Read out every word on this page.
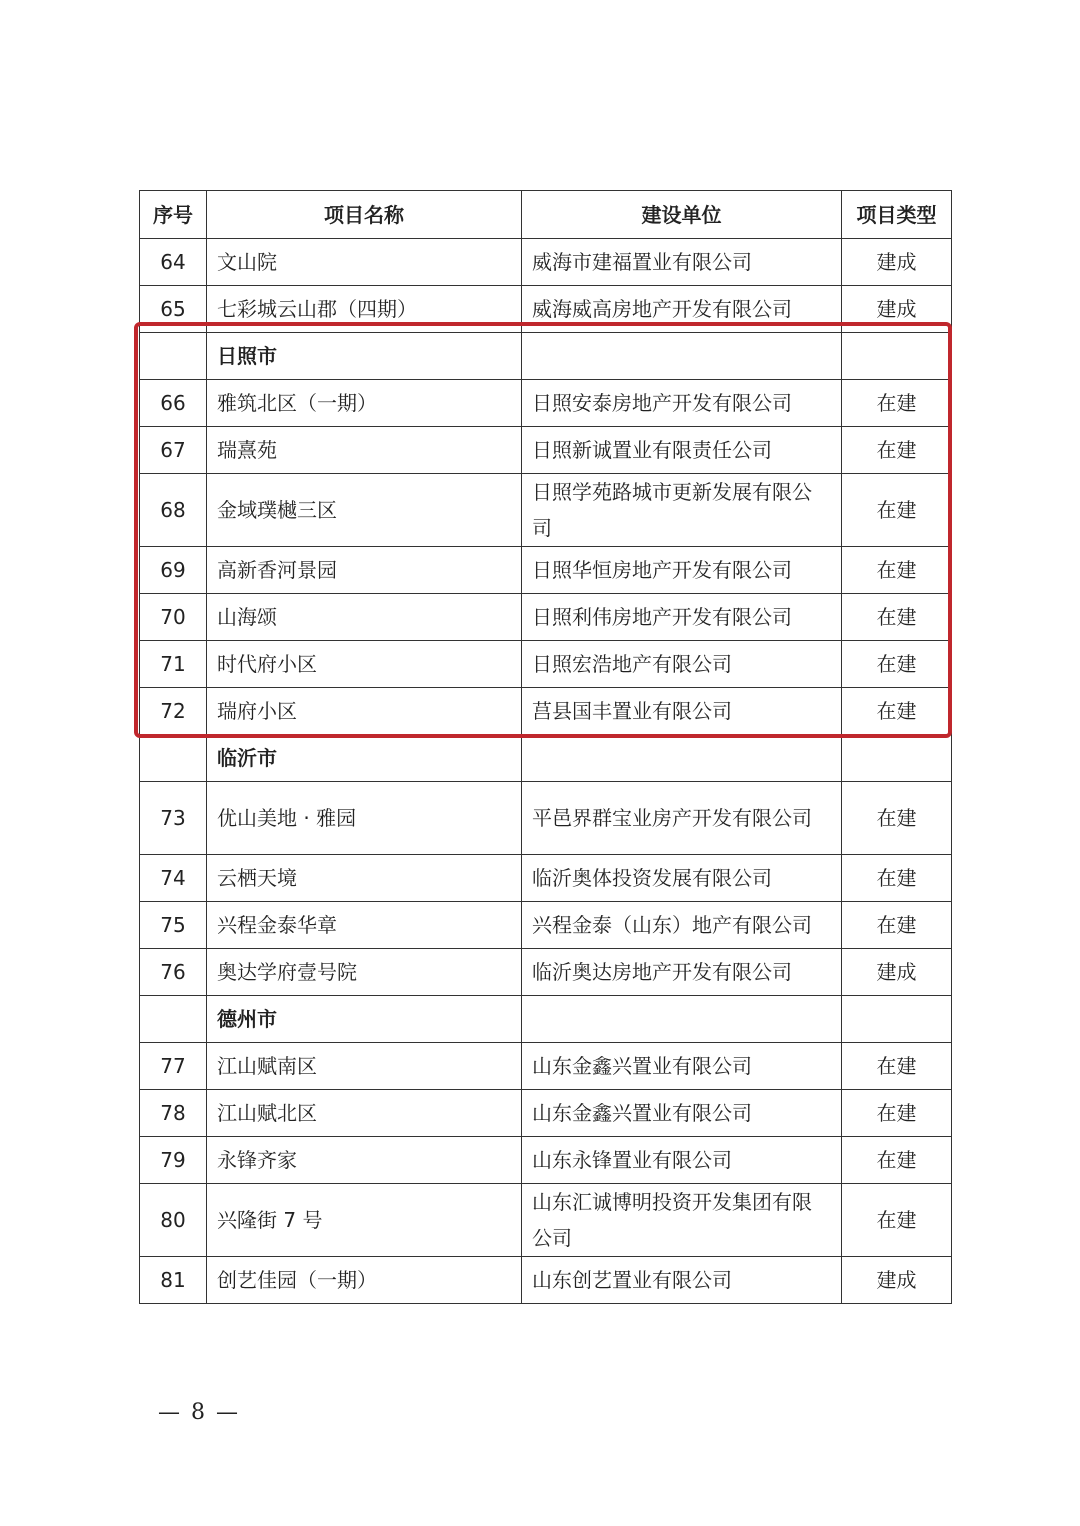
序号	项目名称	建设单位	项目类型
64	文山院	威海市建福置业有限公司	建成
65	七彩城云山郡（四期）	威海威高房地产开发有限公司	建成
	日照市		
66	雅筑北区（一期）	日照安泰房地产开发有限公司	在建
67	瑞熹苑	日照新诚置业有限责任公司	在建
68	金域璞樾三区	日照学苑路城市更新发展有限公司	在建
69	高新香河景园	日照华恒房地产开发有限公司	在建
70	山海颂	日照利伟房地产开发有限公司	在建
71	时代府小区	日照宏浩地产有限公司	在建
72	瑞府小区	莒县国丰置业有限公司	在建
	临沂市		
73	优山美地 · 雅园	平邑界群宝业房产开发有限公司	在建
74	云栖天境	临沂奥体投资发展有限公司	在建
75	兴程金泰华章	兴程金泰（山东）地产有限公司	在建
76	奥达学府壹号院	临沂奥达房地产开发有限公司	建成
	德州市		
77	江山赋南区	山东金鑫兴置业有限公司	在建
78	江山赋北区	山东金鑫兴置业有限公司	在建
79	永锋齐家	山东永锋置业有限公司	在建
80	兴隆街 7 号	山东汇诚博明投资开发集团有限公司	在建
81	创艺佳园（一期）	山东创艺置业有限公司	建成
— 8 —
